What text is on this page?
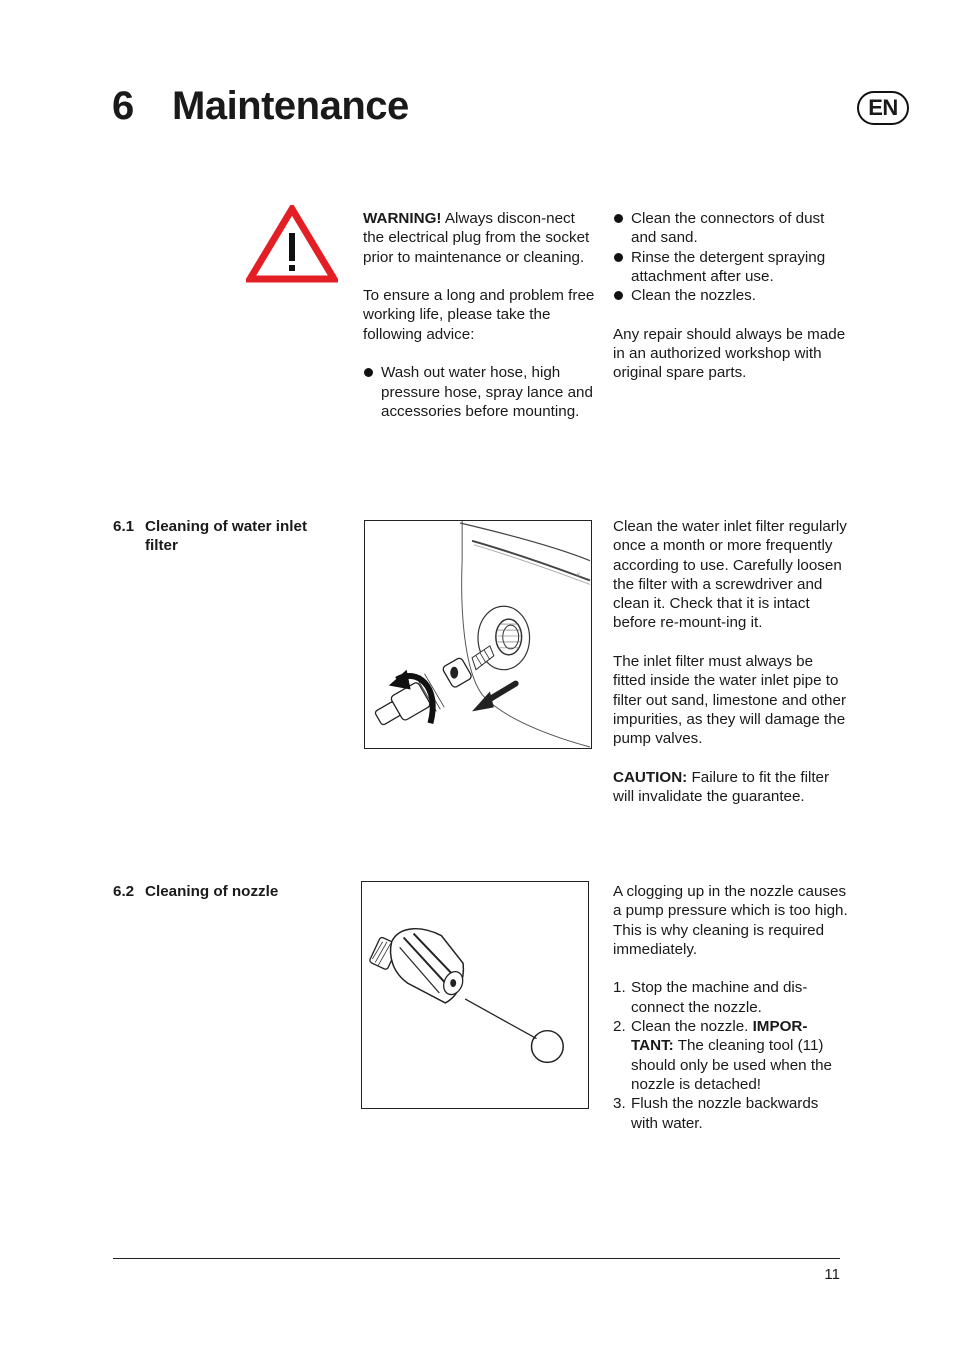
6 Maintenance	EN

WARNING! Always discon-nect the electrical plug from the socket prior to maintenance or cleaning.

To ensure a long and problem free working life, please take the following advice:

Wash out water hose, high pressure hose, spray lance and accessories before mounting.
Clean the connectors of dust and sand.
Rinse the detergent spraying attachment after use.
Clean the nozzles.

Any repair should always be made in an authorized workshop with original spare parts.

6.1 Cleaning of water inlet filter
K

Clean the water inlet filter regularly once a month or more frequently according to use. Carefully loosen the filter with a screwdriver and clean it. Check that it is intact before re-mount-ing it.

The inlet filter must always be fitted inside the water inlet pipe to filter out sand, limestone and other impurities, as they will damage the pump valves.

CAUTION: Failure to fit the filter will invalidate the guarantee.

6.2 Cleaning of nozzle	A clogging up in the nozzle causes a pump pressure which is too high. This is why cleaning is required immediately.

1. Stop the machine and dis-connect the nozzle.
2. Clean the nozzle. IMPOR-TANT: The cleaning tool (11) should only be used when the nozzle is detached!
3. Flush the nozzle backwards with water.
11
